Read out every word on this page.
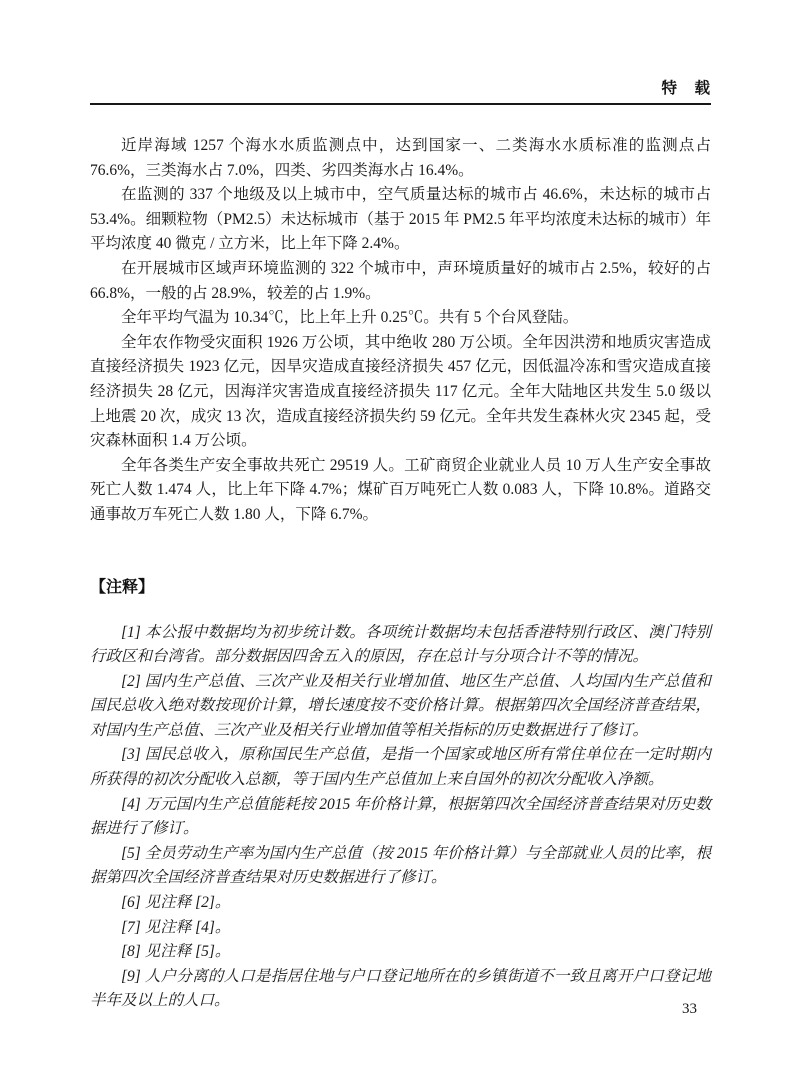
特　载

近岸海域 1257 个海水水质监测点中，达到国家一、二类海水水质标准的监测点占 76.6%，三类海水占 7.0%，四类、劣四类海水占 16.4%。

在监测的 337 个地级及以上城市中，空气质量达标的城市占 46.6%，未达标的城市占 53.4%。细颗粒物（PM2.5）未达标城市（基于 2015 年 PM2.5 年平均浓度未达标的城市）年平均浓度 40 微克 / 立方米，比上年下降 2.4%。

在开展城市区域声环境监测的 322 个城市中，声环境质量好的城市占 2.5%，较好的占 66.8%，一般的占 28.9%，较差的占 1.9%。

全年平均气温为 10.34℃，比上年上升 0.25℃。共有 5 个台风登陆。

全年农作物受灾面积 1926 万公顷，其中绝收 280 万公顷。全年因洪涝和地质灾害造成直接经济损失 1923 亿元，因旱灾造成直接经济损失 457 亿元，因低温冷冻和雪灾造成直接经济损失 28 亿元，因海洋灾害造成直接经济损失 117 亿元。全年大陆地区共发生 5.0 级以上地震 20 次，成灾 13 次，造成直接经济损失约 59 亿元。全年共发生森林火灾 2345 起，受灾森林面积 1.4 万公顷。

全年各类生产安全事故共死亡 29519 人。工矿商贸企业就业人员 10 万人生产安全事故死亡人数 1.474 人，比上年下降 4.7%；煤矿百万吨死亡人数 0.083 人，下降 10.8%。道路交通事故万车死亡人数 1.80 人，下降 6.7%。

【注释】

[1] 本公报中数据均为初步统计数。各项统计数据均未包括香港特别行政区、澳门特别行政区和台湾省。部分数据因四舍五入的原因，存在总计与分项合计不等的情况。

[2] 国内生产总值、三次产业及相关行业增加值、地区生产总值、人均国内生产总值和国民总收入绝对数按现价计算，增长速度按不变价格计算。根据第四次全国经济普查结果，对国内生产总值、三次产业及相关行业增加值等相关指标的历史数据进行了修订。

[3] 国民总收入，原称国民生产总值，是指一个国家或地区所有常住单位在一定时期内所获得的初次分配收入总额，等于国内生产总值加上来自国外的初次分配收入净额。

[4] 万元国内生产总值能耗按 2015 年价格计算，根据第四次全国经济普查结果对历史数据进行了修订。

[5] 全员劳动生产率为国内生产总值（按 2015 年价格计算）与全部就业人员的比率，根据第四次全国经济普查结果对历史数据进行了修订。

[6] 见注释 [2]。

[7] 见注释 [4]。

[8] 见注释 [5]。

[9] 人户分离的人口是指居住地与户口登记地所在的乡镇街道不一致且离开户口登记地半年及以上的人口。	33
